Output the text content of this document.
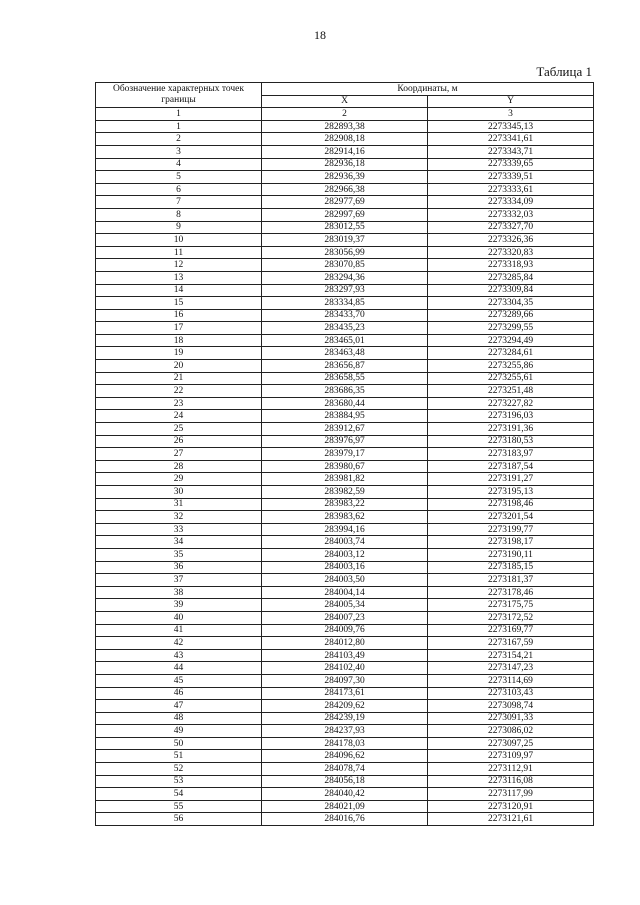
18
Таблица 1
Обозначение характерных точек границы	Координаты, м	
	X	Y
1	2	3
1	282893,38	2273345,13
2	282908,18	2273341,61
3	282914,16	2273343,71
4	282936,18	2273339,65
5	282936,39	2273339,51
6	282966,38	2273333,61
7	282977,69	2273334,09
8	282997,69	2273332,03
9	283012,55	2273327,70
10	283019,37	2273326,36
11	283056,99	2273320,83
12	283070,85	2273318,93
13	283294,36	2273285,84
14	283297,93	2273309,84
15	283334,85	2273304,35
16	283433,70	2273289,66
17	283435,23	2273299,55
18	283465,01	2273294,49
19	283463,48	2273284,61
20	283656,87	2273255,86
21	283658,55	2273255,61
22	283686,35	2273251,48
23	283680,44	2273227,82
24	283884,95	2273196,03
25	283912,67	2273191,36
26	283976,97	2273180,53
27	283979,17	2273183,97
28	283980,67	2273187,54
29	283981,82	2273191,27
30	283982,59	2273195,13
31	283983,22	2273198,46
32	283983,62	2273201,54
33	283994,16	2273199,77
34	284003,74	2273198,17
35	284003,12	2273190,11
36	284003,16	2273185,15
37	284003,50	2273181,37
38	284004,14	2273178,46
39	284005,34	2273175,75
40	284007,23	2273172,52
41	284009,76	2273169,77
42	284012,80	2273167,59
43	284103,49	2273154,21
44	284102,40	2273147,23
45	284097,30	2273114,69
46	284173,61	2273103,43
47	284209,62	2273098,74
48	284239,19	2273091,33
49	284237,93	2273086,02
50	284178,03	2273097,25
51	284096,62	2273109,97
52	284078,74	2273112,91
53	284056,18	2273116,08
54	284040,42	2273117,99
55	284021,09	2273120,91
56	284016,76	2273121,61
